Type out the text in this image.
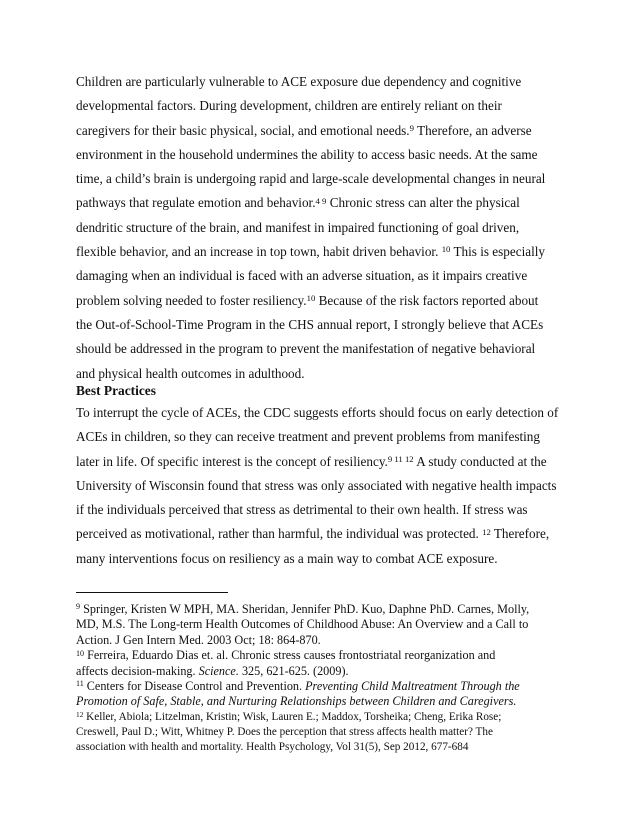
Children are particularly vulnerable to ACE exposure due dependency and cognitive
developmental factors. During development, children are entirely reliant on their
caregivers for their basic physical, social, and emotional needs.$^9$ Therefore, an adverse
environment in the household undermines the ability to access basic needs. At the same
time, a child’s brain is undergoing rapid and large-scale developmental changes in neural
pathways that regulate emotion and behavior.$^{4 9}$ Chronic stress can alter the physical
dendritic structure of the brain, and manifest in impaired functioning of goal driven,
flexible behavior, and an increase in top town, habit driven behavior. $^{10}$ This is especially
damaging when an individual is faced with an adverse situation, as it impairs creative
problem solving needed to foster resiliency.$^{10}$ Because of the risk factors reported about
the Out-of-School-Time Program in the CHS annual report, I strongly believe that ACEs
should be addressed in the program to prevent the manifestation of negative behavioral
and physical health outcomes in adulthood.
Best Practices
To interrupt the cycle of ACEs, the CDC suggests efforts should focus on early detection of
ACEs in children, so they can receive treatment and prevent problems from manifesting
later in life. Of specific interest is the concept of resiliency.$^{9 11 12}$ A study conducted at the
University of Wisconsin found that stress was only associated with negative health impacts
if the individuals perceived that stress as detrimental to their own health. If stress was
perceived as motivational, rather than harmful, the individual was protected. $^{12}$ Therefore,
many interventions focus on resiliency as a main way to combat ACE exposure.
$^9$ Springer, Kristen W MPH, MA. Sheridan, Jennifer PhD. Kuo, Daphne PhD. Carnes, Molly,
MD, M.S. The Long-term Health Outcomes of Childhood Abuse: An Overview and a Call to
Action. J Gen Intern Med. 2003 Oct; 18: 864-870.
$^{10}$ Ferreira, Eduardo Dias et. al. Chronic stress causes frontostriatal reorganization and
affects decision-making. Science. 325, 621-625. (2009).
$^{11}$ Centers for Disease Control and Prevention. Preventing Child Maltreatment Through the
Promotion of Safe, Stable, and Nurturing Relationships between Children and Caregivers.
$^{12}$ Keller, Abiola; Litzelman, Kristin; Wisk, Lauren E.; Maddox, Torsheika; Cheng, Erika Rose;
Creswell, Paul D.; Witt, Whitney P. Does the perception that stress affects health matter? The
association with health and mortality. Health Psychology, Vol 31(5), Sep 2012, 677-684
